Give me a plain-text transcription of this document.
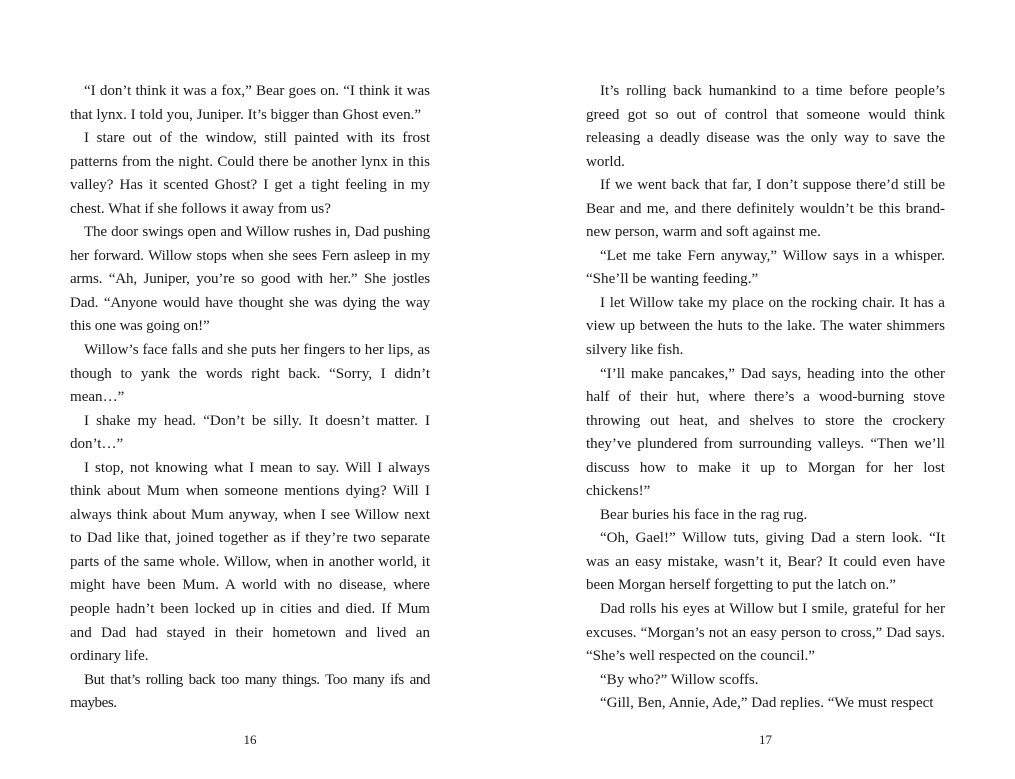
“I don’t think it was a fox,” Bear goes on. “I think it was that lynx. I told you, Juniper. It’s bigger than Ghost even.”

I stare out of the window, still painted with its frost patterns from the night. Could there be another lynx in this valley? Has it scented Ghost? I get a tight feeling in my chest. What if she follows it away from us?

The door swings open and Willow rushes in, Dad pushing her forward. Willow stops when she sees Fern asleep in my arms. “Ah, Juniper, you’re so good with her.” She jostles Dad. “Anyone would have thought she was dying the way this one was going on!”

Willow’s face falls and she puts her fingers to her lips, as though to yank the words right back. “Sorry, I didn’t mean…”

I shake my head. “Don’t be silly. It doesn’t matter. I don’t…”

I stop, not knowing what I mean to say. Will I always think about Mum when someone mentions dying? Will I always think about Mum anyway, when I see Willow next to Dad like that, joined together as if they’re two separate parts of the same whole. Willow, when in another world, it might have been Mum. A world with no disease, where people hadn’t been locked up in cities and died. If Mum and Dad had stayed in their hometown and lived an ordinary life.

But that’s rolling back too many things. Too many ifs and maybes.

16

It’s rolling back humankind to a time before people’s greed got so out of control that someone would think releasing a deadly disease was the only way to save the world.

If we went back that far, I don’t suppose there’d still be Bear and me, and there definitely wouldn’t be this brand-new person, warm and soft against me.

“Let me take Fern anyway,” Willow says in a whisper. “She’ll be wanting feeding.”

I let Willow take my place on the rocking chair. It has a view up between the huts to the lake. The water shimmers silvery like fish.

“I’ll make pancakes,” Dad says, heading into the other half of their hut, where there’s a wood-burning stove throwing out heat, and shelves to store the crockery they’ve plundered from surrounding valleys. “Then we’ll discuss how to make it up to Morgan for her lost chickens!”

Bear buries his face in the rag rug.

“Oh, Gael!” Willow tuts, giving Dad a stern look. “It was an easy mistake, wasn’t it, Bear? It could even have been Morgan herself forgetting to put the latch on.”

Dad rolls his eyes at Willow but I smile, grateful for her excuses. “Morgan’s not an easy person to cross,” Dad says. “She’s well respected on the council.”

“By who?” Willow scoffs.

“Gill, Ben, Annie, Ade,” Dad replies. “We must respect

17
